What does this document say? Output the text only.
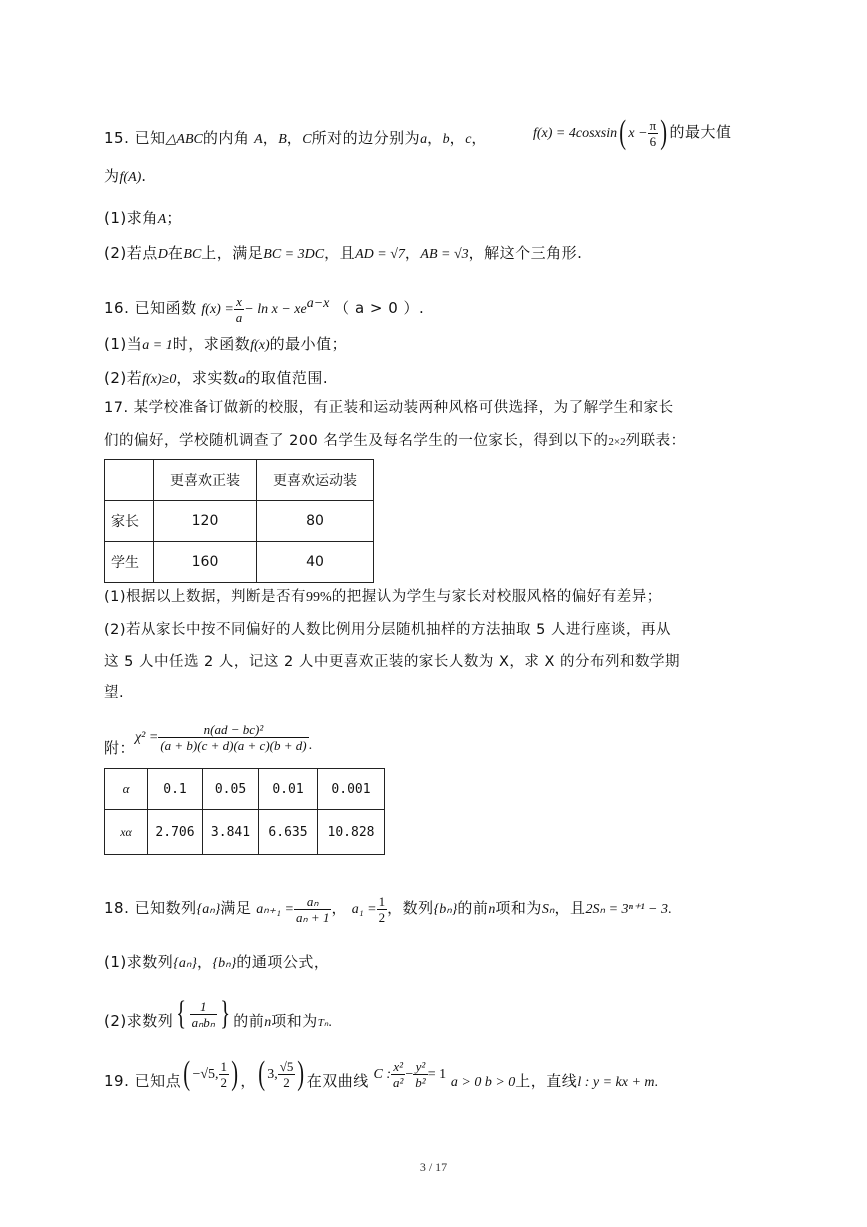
15. 已知△ABC的内角 A，B，C所对的边分别为a，b，c，	f(x) = 4cosxsin( $x - \frac{\pi}{6}$ ) 的最大值
为f(A).
(1)求角A；
(2)若点D在BC上，满足BC = 3DC，且AD = √7，AB = √3，解这个三角形.
16. 已知函数 $f(x) = \frac{x}{a} - \ln x - xe^{a-x}$ （ a > 0 ）.
(1)当a = 1时，求函数f(x)的最小值；
(2)若f(x)≥0，求实数a的取值范围.
17. 某学校准备订做新的校服，有正装和运动装两种风格可供选择，为了解学生和家长
们的偏好，学校随机调查了 200 名学生及每名学生的一位家长，得到以下的2×2列联表：
	更喜欢正装	更喜欢运动装
家长	120	80
学生	160	40
(1)根据以上数据，判断是否有99%的把握认为学生与家长对校服风格的偏好有差异；
(2)若从家长中按不同偏好的人数比例用分层随机抽样的方法抽取 5 人进行座谈，再从
这 5 人中任选 2 人，记这 2 人中更喜欢正装的家长人数为 X，求 X 的分布列和数学期
望.
附：$\chi^2 = \frac{\text{n(ad − bc)²}}{(a + b)(c + d)(a + c)(b + d)}$ .
α	0.1	0.05	0.01	0.001
xα	2.706	3.841	6.635	10.828
18. 已知数列{aₙ}满足 $a_{n+1} = \frac{\text{aₙ}}{\text{aₙ + 1}}$ ， $a_1 = \frac{1}{2}$ ，数列{bₙ}的前n项和为Sₙ，且2Sₙ = 3ⁿ⁺¹ − 3.
(1)求数列{aₙ}，{bₙ}的通项公式，
(2)求数列{ $\frac{1}{\text{aₙbₙ}}$ } 的前n项和为$_{T_n}$.
19. 已知点( −√5, $\frac{1}{2}$ ) ，( 3, $\frac{√5}{2}$ ) 在双曲线 C : $\frac{\text{x²}}{\text{a²}} - \frac{\text{y²}}{\text{b²}} = 1$ a > 0 b > 0上，直线l : y = kx + m.
3 / 17
